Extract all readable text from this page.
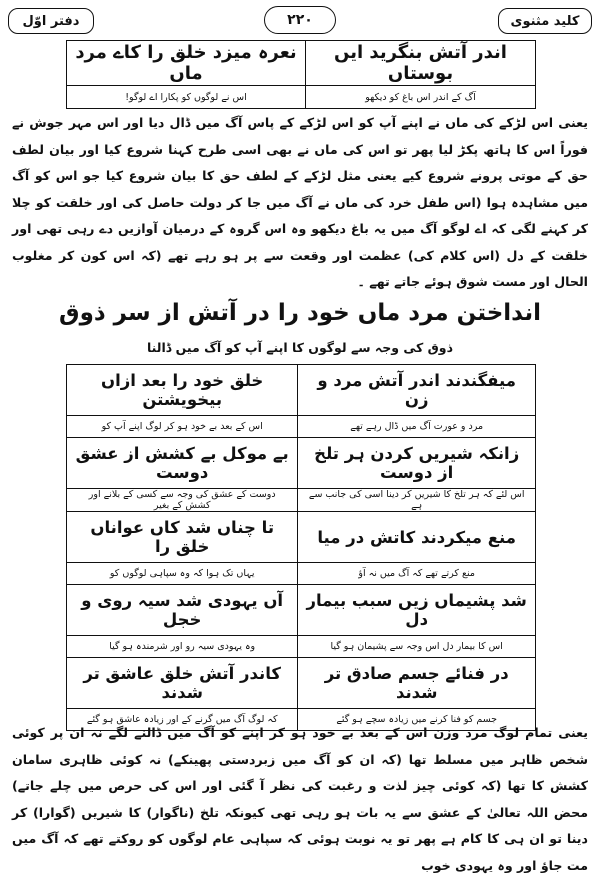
دفتر اوّل	۲۲۰	کلید مثنوی
نعرہ میزد خلق را کاے مرد ماں	اندر آتش بنگرید ایں بوستاں
اس نے لوگوں کو پکارا اے لوگو!	آگ کے اندر اس باغ کو دیکھو
یعنی اس لڑکے کی ماں نے اپنے آپ کو اس لڑکے کے پاس آگ میں ڈال دیا اور اس مہر جوش نے فوراً اس کا ہاتھ پکڑ لیا پھر تو اس کی ماں نے بھی اسی طرح کہنا شروع کیا اور بیان لطف حق کے موتی پرونے شروع کیے یعنی مثل لڑکے کے لطف حق کا بیان شروع کیا جو اس کو آگ میں مشاہدہ ہوا (اس طفل خرد کی ماں نے آگ میں جا کر دولت حاصل کی اور خلقت کو چلا کر کہنے لگی کہ اے لوگو آگ میں یہ باغ دیکھو وہ اس گروہ کے درمیان آوازیں دے رہی تھی اور خلقت کے دل (اس کلام کی) عظمت اور وقعت سے پر ہو رہے تھے (کہ اس کون کر مغلوب الحال اور مست شوق ہوئے جاتے تھے ۔
انداختن مرد ماں خود را در آتش از سر ذوق
ذوق کی وجہ سے لوگوں کا اپنے آپ کو آگ میں ڈالنا
خلق خود را بعد ازاں بیخویشتن	میفگندند اندر آتش مرد و زن
اس کے بعد بے خود ہو کر لوگ اپنے آپ کو	مرد و عورت آگ میں ڈال رہے تھے
بے موکل بے کشش از عشق دوست	زانکہ شیریں کردن ہر تلخ از دوست
دوست کے عشق کی وجہ سے کسی کے بلانے اور کشش کے بغیر	اس لئے کہ ہر تلخ کا شیریں کر دینا اسی کی جانب سے ہے
تا چناں شد کاں عواناں خلق را	منع میکردند کاتش در میا
یہاں تک ہوا کہ وہ سپاہی لوگوں کو	منع کرتے تھے کہ آگ میں نہ آؤ
آں یہودی شد سیہ روی و خجل	شد پشیماں زیں سبب بیمار دل
وہ یہودی سیہ رو اور شرمندہ ہو گیا	اس کا بیمار دل اس وجہ سے پشیمان ہو گیا
کاندر آتش خلق عاشق تر شدند	در فنائے جسم صادق تر شدند
کہ لوگ آگ میں گرنے کے اور زیادہ عاشق ہو گئے	جسم کو فنا کرنے میں زیادہ سچے ہو گئے
یعنی تمام لوگ مرد وزن اس کے بعد بے خود ہو کر اپنے کو آگ میں ڈالنے لگے نہ ان پر کوئی شخص ظاہر میں مسلط تھا (کہ ان کو آگ میں زبردستی پھینکے) نہ کوئی ظاہری سامان کشش کا تھا (کہ کوئی چیز لذت و رغبت کی نظر آ گئی اور اس کی حرص میں چلے جاتے) محض اللہ تعالیٰ کے عشق سے یہ بات ہو رہی تھی کیونکہ تلخ (ناگوار) کا شیریں (گوارا) کر دینا تو ان ہی کا کام ہے پھر تو یہ نوبت ہوئی کہ سپاہی عام لوگوں کو روکتے تھے کہ آگ میں مت جاؤ اور وہ یہودی خوب
